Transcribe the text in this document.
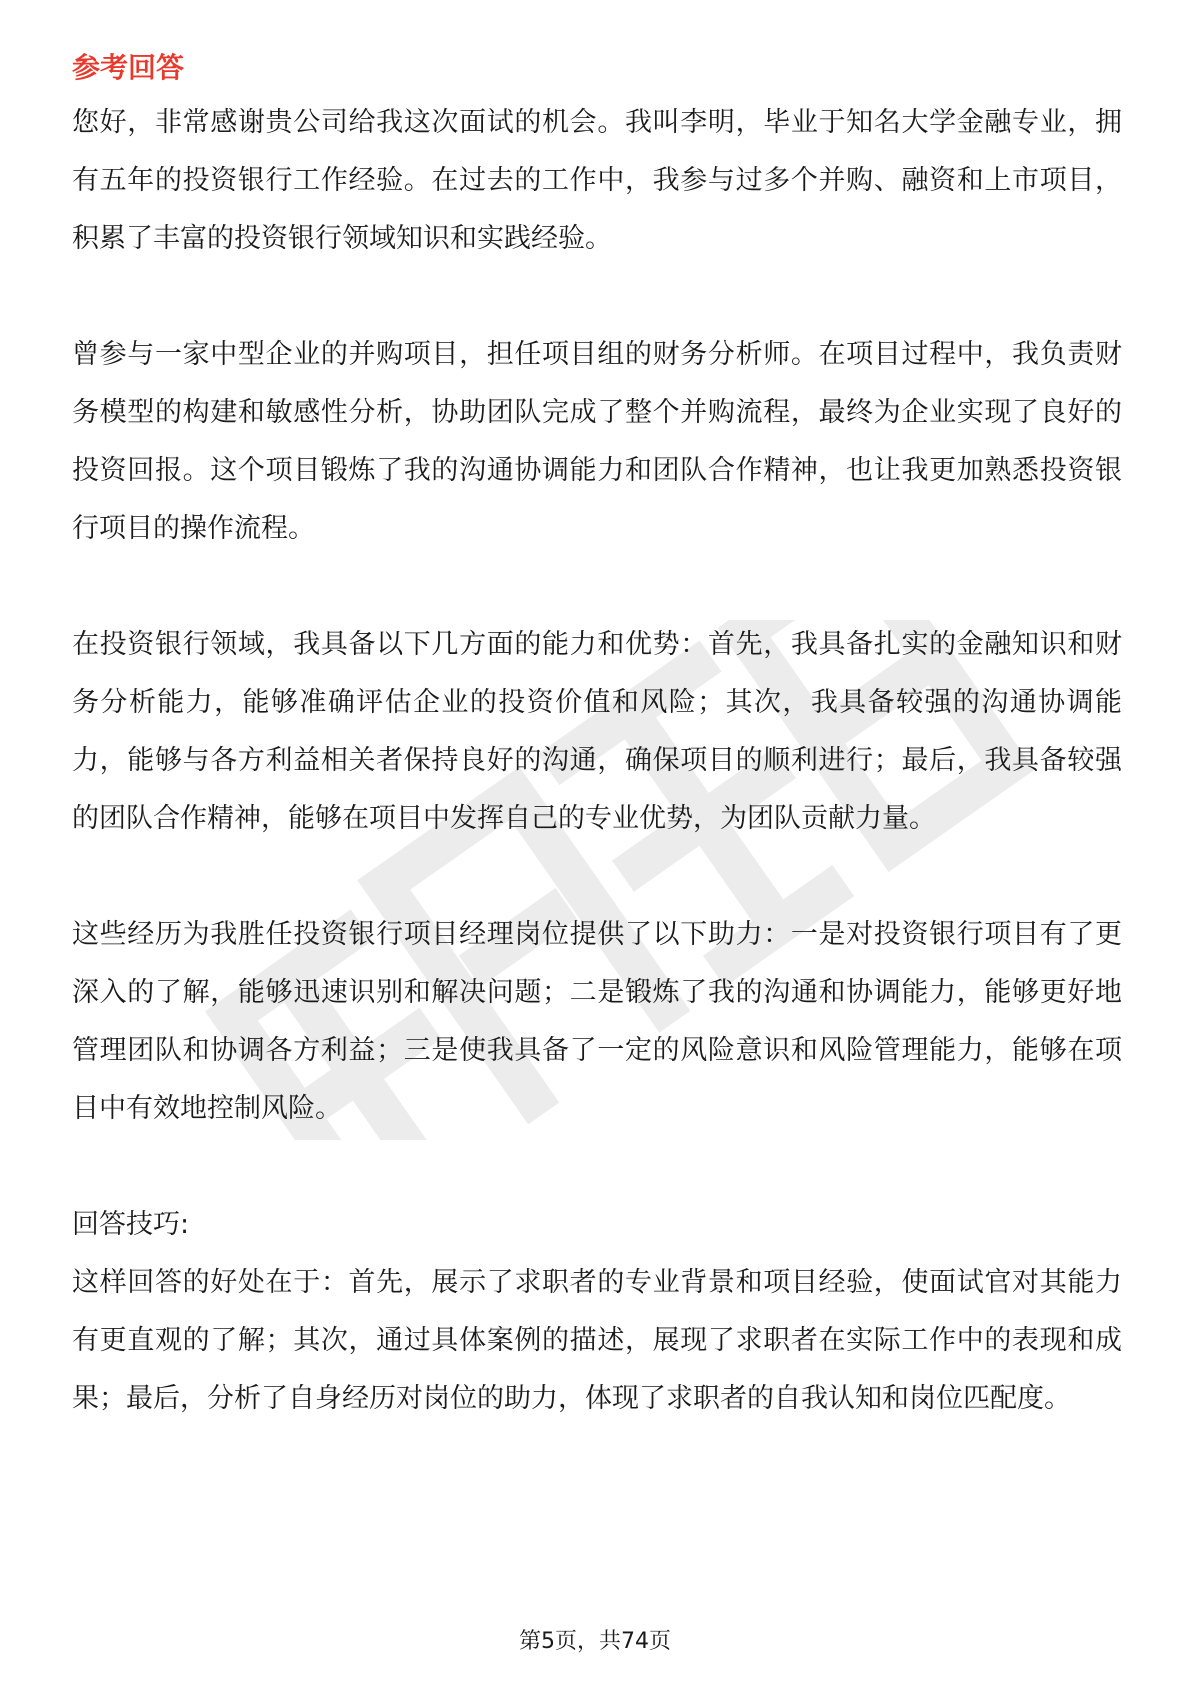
参考回答

您好，非常感谢贵公司给我这次面试的机会。我叫李明，毕业于知名大学金融专业，拥有五年的投资银行工作经验。在过去的工作中，我参与过多个并购、融资和上市项目，积累了丰富的投资银行领域知识和实践经验。

曾参与一家中型企业的并购项目，担任项目组的财务分析师。在项目过程中，我负责财务模型的构建和敏感性分析，协助团队完成了整个并购流程，最终为企业实现了良好的投资回报。这个项目锻炼了我的沟通协调能力和团队合作精神，也让我更加熟悉投资银行项目的操作流程。

在投资银行领域，我具备以下几方面的能力和优势：首先，我具备扎实的金融知识和财务分析能力，能够准确评估企业的投资价值和风险；其次，我具备较强的沟通协调能力，能够与各方利益相关者保持良好的沟通，确保项目的顺利进行；最后，我具备较强的团队合作精神，能够在项目中发挥自己的专业优势，为团队贡献力量。

这些经历为我胜任投资银行项目经理岗位提供了以下助力：一是对投资银行项目有了更深入的了解，能够迅速识别和解决问题；二是锻炼了我的沟通和协调能力，能够更好地管理团队和协调各方利益；三是使我具备了一定的风险意识和风险管理能力，能够在项目中有效地控制风险。

回答技巧:

这样回答的好处在于：首先，展示了求职者的专业背景和项目经验，使面试官对其能力有更直观的了解；其次，通过具体案例的描述，展现了求职者在实际工作中的表现和成果；最后，分析了自身经历对岗位的助力，体现了求职者的自我认知和岗位匹配度。

第5页，共74页
